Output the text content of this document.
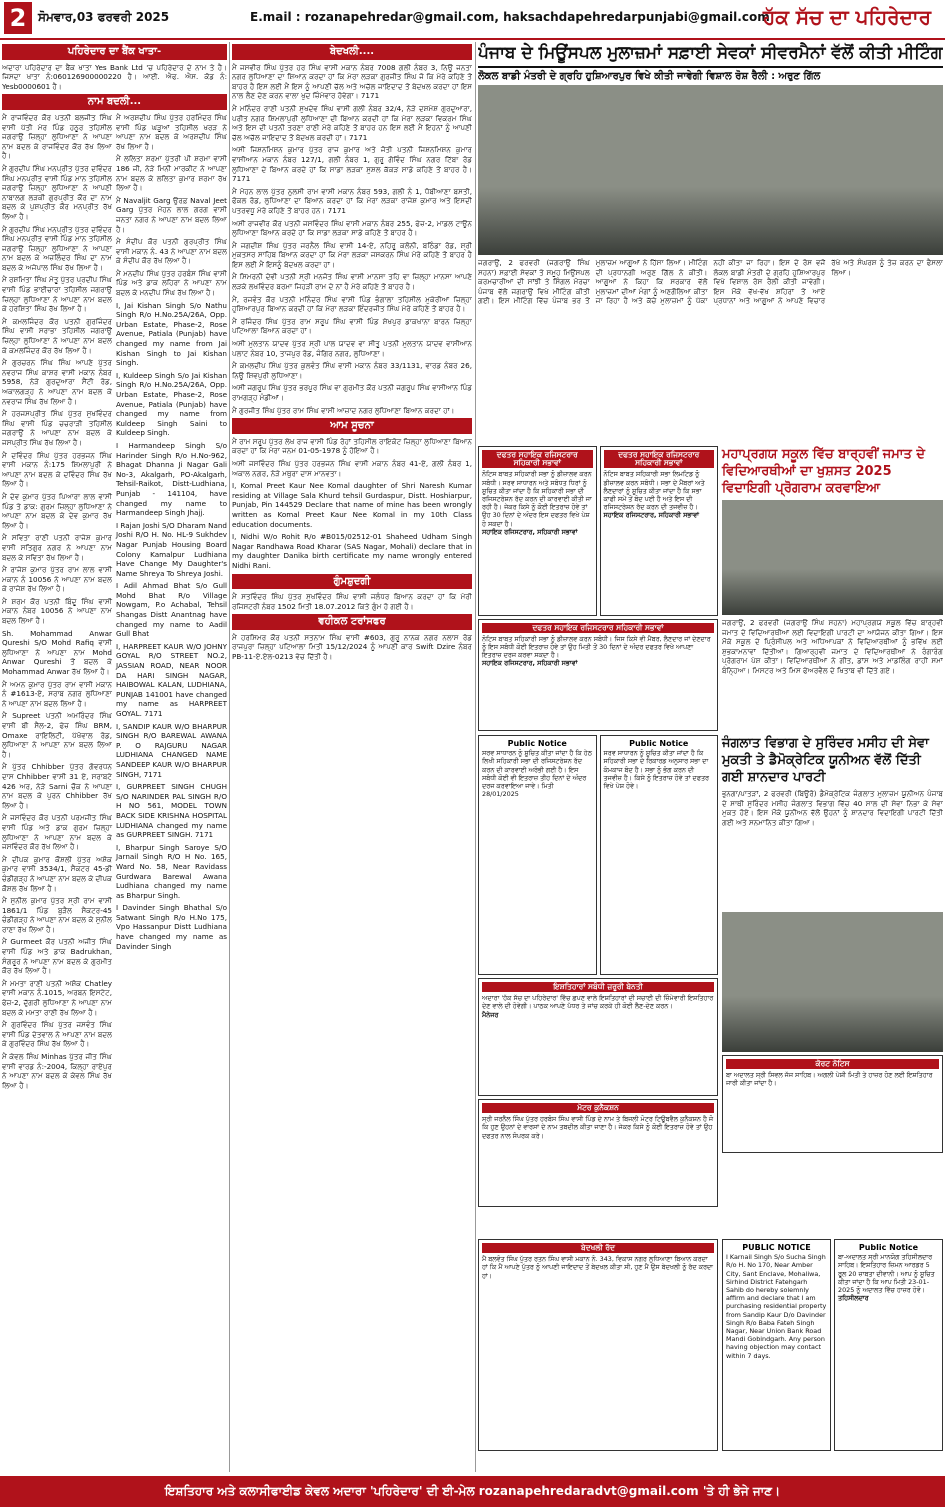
2 ਸੋਮਵਾਰ,03 ਫਰਵਰੀ 2025	E.mail : rozanapehredar@gmail.com, haksachdapehredarpunjabi@gmail.com
ਹੱਕ ਸੱਚ ਦਾ ਪਹਿਰੇਦਾਰ
ਪਹਿਰੇਦਾਰ ਦਾ ਬੈਂਕ ਖਾਤਾ-
ਅਦਾਰਾ ਪਹਿਰੇਦਾਰ ਦਾ ਬੈਂਕ ਖਾਤਾ Yes Bank Ltd 'ਚ ਪਹਿਰੇਦਾਰ ਦੇ ਨਾਮ ਤੇ ਹੈ। ਜਿਸਦਾ ਖਾਤਾ ਨੰ:060126900000220 ਹੈ। ਆਈ. ਐਫ. ਐਸ. ਕੋਡ ਨੰ: Yesb0000601 ਹੈ।
ਨਾਮ ਬਦਲੀ...
ਮੈਂ ਰਾਜਵਿੰਦਰ ਕੌਰ ਪਤਨੀ ਬਲਜੀਤ ਸਿੰਘ ਵਾਸੀ ਪੱਤੀ ਮੇਰ ਪਿੰਡ ਹਠੂਰ ਤਹਿਸੀਲ ਜਗਰਾਉਂ ਜ਼ਿਲ੍ਹਾ ਲੁਧਿਆਣਾ ਨੇ ਆਪਣਾ ਨਾਮ ਬਦਲ ਕੇ ਰਾਜਵਿੰਦਰ ਕੌਰ ਰੱਖ ਲਿਆ ਹੈ।
ਮੈਂ ਗੁਰਦੀਪ ਸਿੰਘ ਮਨਪ੍ਰੀਤ ਪੁੱਤਰ ਦਵਿੰਦਰ ਸਿੰਘ ਮਨਪ੍ਰੀਤ ਵਾਸੀ ਪਿੰਡ ਮਾਨ ਤਹਿਸੀਲ ਜਗਰਾਉਂ ਜ਼ਿਲ੍ਹਾ ਲੁਧਿਆਣਾ ਨੇ ਆਪਣੀ ਨਾਬਾਲਗ ਲੜਕੀ ਗੁਰਪ੍ਰੀਤ ਕੌਰ ਦਾ ਨਾਮ ਬਦਲ ਕੇ ਪੁਸ਼ਪ੍ਰੀਤ ਕੌਰ ਮਨਪ੍ਰੀਤ ਰੱਖ ਲਿਆ ਹੈ।
ਮੈਂ ਗੁਰਦੀਪ ਸਿੰਘ ਮਨਪ੍ਰੀਤ ਪੁੱਤਰ ਦਵਿੰਦਰ ਸਿੰਘ ਮਨਪ੍ਰੀਤ ਵਾਸੀ ਪਿੰਡ ਮਾਨ ਤਹਿਸੀਲ ਜਗਰਾਉਂ ਜ਼ਿਲ੍ਹਾ ਲੁਧਿਆਣਾ ਨੇ ਆਪਣਾ ਨਾਮ ਬਦਲ ਕੇ ਅਜ਼ਲਿੰਦਰ ਸਿੰਘ ਦਾ ਨਾਮ ਬਦਲ ਕੇ ਅਜੇਪਾਲ ਸਿੰਘ ਰੱਖ ਲਿਆ ਹੈ।
ਮੈਂ ਰਸ਼ਮਿਤਾ ਸਿੰਘ ਮੋਤੂ ਪੁੱਤਰ ਪ੍ਰਦੀਪ ਸਿੰਘ ਵਾਸੀ ਪਿੰਡ ਭਾਈਚਾਰਾ ਤਹਿਸੀਲ ਜਗਰਾਉਂ ਜ਼ਿਲ੍ਹਾ ਲੁਧਿਆਣਾ ਨੇ ਆਪਣਾ ਨਾਮ ਬਦਲ ਕੇ ਹਰਸ਼ਿਤਾ ਸਿੰਘ ਰੱਖ ਲਿਆ ਹੈ।
ਮੈਂ ਕਮਲਜਿੰਦਰ ਕੌਰ ਪਤਨੀ ਗੁਰਜਿੰਦਰ ਸਿੰਘ ਵਾਸੀ ਸਰਾਭਾ ਤਹਿਸੀਲ ਜਗਰਾਉਂ ਜ਼ਿਲ੍ਹਾ ਲੁਧਿਆਣਾ ਨੇ ਆਪਣਾ ਨਾਮ ਬਦਲ ਕੇ ਕਮਲਜਿੰਦਰ ਕੌਰ ਰੱਖ ਲਿਆ ਹੈ।
ਮੈਂ ਗੁਰਚਰਨ ਸਿੰਘ ਸਿੰਘ ਆਪਣੇ ਪੁੱਤਰ ਨਵਰਾਜ ਸਿੰਘ ਕਾਸ਼ਰ ਵਾਸੀ ਮਕਾਨ ਨੰਬਰ 5958, ਨੇੜੇ ਗੁਰਦੁਆਰਾ ਸੈਂਟੀ ਰੋਡ, ਅਕਾਲਗੜ੍ਹ ਨੇ ਆਪਣਾ ਨਾਮ ਬਦਲ ਕੇ ਨਵਰਾਜ ਸਿੰਘ ਰੱਖ ਲਿਆ ਹੈ।
ਮੈਂ ਹਰਜਸਪ੍ਰੀਤ ਸਿੰਘ ਪੁੱਤਰ ਸੁਖਵਿੰਦਰ ਸਿੰਘ ਵਾਸੀ ਪਿੰਡ ਚਚਰਾੜੀ ਤਹਿਸੀਲ ਜਗਰਾਉਂ ਨੇ ਆਪਣਾ ਨਾਮ ਬਦਲ ਕੇ ਜਸਪ੍ਰੀਤ ਸਿੰਘ ਰੱਖ ਲਿਆ ਹੈ।
ਮੈਂ ਦਵਿੰਦਰ ਸਿੰਘ ਪੁੱਤਰ ਹਰਭਜਨ ਸਿੰਘ ਵਾਸੀ ਮਕਾਨ ਨੰ:175 ਸ਼ਿਮਲਾਪੁਰੀ ਨੇ ਆਪਣਾ ਨਾਮ ਬਦਲ ਕੇ ਦਵਿੰਦਰ ਸਿੰਘ ਰੱਖ ਲਿਆ ਹੈ।
ਮੈਂ ਦੇਵ ਕੁਮਾਰ ਪੁੱਤਰ ਪਿਆਰਾ ਲਾਲ ਵਾਸੀ ਪਿੰਡ ਤੇ ਡਾਕ: ਗੁਰਮ ਜ਼ਿਲ੍ਹਾ ਲੁਧਿਆਣਾ ਨੇ ਆਪਣਾ ਨਾਮ ਬਦਲ ਕੇ ਦੇਵ ਕੁਮਾਰ ਰੱਖ ਲਿਆ ਹੈ।
ਮੈਂ ਸਵਿਤਾ ਰਾਣੀ ਪਤਨੀ ਰਾਜੇਸ਼ ਕੁਮਾਰ ਵਾਸੀ ਸਤਿਗੁਰ ਨਗਰ ਨੇ ਆਪਣਾ ਨਾਮ ਬਦਲ ਕੇ ਸਵਿਤਾ ਰੱਖ ਲਿਆ ਹੈ।
ਮੈਂ ਰਾਜੇਸ਼ ਕੁਮਾਰ ਪੁੱਤਰ ਰਾਮ ਲਾਲ ਵਾਸੀ ਮਕਾਨ ਨੰ 10056 ਨੇ ਆਪਣਾ ਨਾਮ ਬਦਲ ਕੇ ਰਾਜੇਸ਼ ਰੱਖ ਲਿਆ ਹੈ।
ਮੈਂ ਸ਼ਰਮ ਕੌਰ ਪਤਨੀ ਬਿੰਦੂ ਸਿੰਘ ਵਾਸੀ ਮਕਾਨ ਨੰਬਰ 10056 ਨੇ ਆਪਣਾ ਨਾਮ ਬਦਲ ਲਿਆ ਹੈ।
Sh. Mohammad Anwar Qureshi S/O Mohd Rafiq ਵਾਸੀ ਲੁਧਿਆਣਾ ਨੇ ਆਪਣਾ ਨਾਮ Mohd Anwar Qureshi ਤੋਂ ਬਦਲ ਕੇ Mohammad Anwar ਰੱਖ ਲਿਆ ਹੈ।
ਮੈਂ ਅਮਨ ਕੁਮਾਰ ਪੁੱਤਰ ਰਾਮ ਵਾਸੀ ਮਕਾਨ ਨੰ #1613-ਏ, ਸਰਾਬ ਨਗਰ ਲੁਧਿਆਣਾ ਨੇ ਆਪਣਾ ਨਾਮ ਬਦਲ ਲਿਆ ਹੈ।
ਮੈਂ Supreet ਪਤਨੀ ਅਮਰਿੰਦਰ ਸਿੰਘ ਵਾਸੀ ਬੀ ਸੈਲ-2, ਫੇਜ਼ ਸਿੰਘ BRM, Omaxe ਰਾਇਲਿਟੀ, ਪੱਖੋਵਾਲ ਰੋਡ, ਲੁਧਿਆਣਾ ਨੇ ਆਪਣਾ ਨਾਮ ਬਦਲ ਲਿਆ ਹੈ।
ਮੈਂ ਪੁੱਤਰ Chhibber ਪੁੱਤਰ ਗੋਵਰਧਨ ਦਾਸ Chhibber ਵਾਸੀ 31 ਏ, ਸਰਾਬਟੇ 426 ਅਰ, ਨੇੜੇ Sarni ਚੌਕ ਨੇ ਆਪਣਾ ਨਾਮ ਬਦਲ ਕੇ ਪੁਰਨ Chhibber ਰੱਖ ਲਿਆ ਹੈ।
ਮੈਂ ਜਸਵਿੰਦਰ ਕੌਰ ਪਤਨੀ ਪਰਮਜੀਤ ਸਿੰਘ ਵਾਸੀ ਪਿੰਡ ਅਤੇ ਡਾਕ ਗੁਰਮ ਜ਼ਿਲ੍ਹਾ ਲੁਧਿਆਣਾ ਨੇ ਆਪਣਾ ਨਾਮ ਬਦਲ ਕੇ ਜਸਵਿੰਦਰ ਕੌਰ ਰੱਖ ਲਿਆ ਹੈ।
ਮੈਂ ਦੀਪਕ ਕੁਮਾਰ ਕੌਸ਼ਲੀ ਪੁੱਤਰ ਅਸ਼ੋਕ ਕੁਮਾਰ ਵਾਸੀ 3534/1, ਸੈਕਟਰ 45-ਡੀ ਚੰਡੀਗੜ੍ਹ ਨੇ ਆਪਣਾ ਨਾਮ ਬਦਲ ਕੇ ਦੀਪਕ ਕੌਸ਼ਲ ਰੱਖ ਲਿਆ ਹੈ।
ਮੈਂ ਸੁਨੀਲ ਕੁਮਾਰ ਪੁੱਤਰ ਸ੍ਰੀ ਰਾਮ ਵਾਸੀ 1861/1 ਪਿੰਡ ਬੁੜੈਲ ਸੈਕਟਰ-45 ਚੰਡੀਗੜ੍ਹ ਨੇ ਆਪਣਾ ਨਾਮ ਬਦਲ ਕੇ ਸੁਨੀਲ ਰਾਣਾ ਰੱਖ ਲਿਆ ਹੈ।
ਮੈਂ Gurmeet ਕੌਰ ਪਤਨੀ ਅਜੀਤ ਸਿੰਘ ਵਾਸੀ ਪਿੰਡ ਅਤੇ ਡਾਕ Badrukhan, ਸੰਗਰੂਰ ਨੇ ਆਪਣਾ ਨਾਮ ਬਦਲ ਕੇ ਗੁਰਮੀਤ ਕੌਰ ਰੱਖ ਲਿਆ ਹੈ।
ਮੈਂ ਮਮਤਾ ਰਾਣੀ ਪਤਨੀ ਅਸ਼ੋਕ Chatley ਵਾਸੀ ਮਕਾਨ ਨੰ.1015, ਅਰਬਨ ਇਸਟੇਟ, ਫੇਜ਼-2, ਦੁੱਗਰੀ ਲੁਧਿਆਣਾ ਨੇ ਆਪਣਾ ਨਾਮ ਬਦਲ ਕੇ ਮਮਤਾ ਰਾਣੀ ਰੱਖ ਲਿਆ ਹੈ।
ਮੈਂ ਗੁਰਵਿੰਦਰ ਸਿੰਘ ਪੁੱਤਰ ਜਸਵੰਤ ਸਿੰਘ ਵਾਸੀ ਪਿੰਡ ਦੇਤਵਾਲ ਨੇ ਆਪਣਾ ਨਾਮ ਬਦਲ ਕੇ ਗੁਰਵਿੰਦਰ ਸਿੰਘ ਰੱਖ ਲਿਆ ਹੈ।
ਮੈਂ ਕੇਵਲ ਸਿੰਘ Minhas ਪੁੱਤਰ ਜੀਤ ਸਿੰਘ ਵਾਸੀ ਵਾਰਡ ਨੰ:-2004, ਕਿਲ੍ਹਾ ਰਾਏਪੁਰ ਨੇ ਆਪਣਾ ਨਾਮ ਬਦਲ ਕੇ ਕੇਵਲ ਸਿੰਘ ਰੱਖ ਲਿਆ ਹੈ।
ਮੈਂ ਅਰਸ਼ਦੀਪ ਸਿੰਘ ਪੁੱਤਰ ਹਰਮਿੰਦਰ ਸਿੰਘ ਵਾਸੀ ਪਿੰਡ ਘੜੂਆਂ ਤਹਿਸੀਲ ਖਰੜ ਨੇ ਆਪਣਾ ਨਾਮ ਬਦਲ ਕੇ ਅਰਸ਼ਦੀਪ ਸਿੰਘ ਰੱਖ ਲਿਆ ਹੈ।
ਮੈਂ ਲਲਿਤਾ ਸ਼ਰਮਾ ਪੁੱਤਰੀ ਪੀ ਸ਼ਰਮਾ ਵਾਸੀ 186 ਜੀ, ਨੇੜੇ ਮਿਨੀ ਮਾਰਕੀਟ ਨੇ ਆਪਣਾ ਨਾਮ ਬਦਲ ਕੇ ਲਲਿਤਾ ਕੁਮਾਰ ਸ਼ਰਮਾ ਰੱਖ ਲਿਆ ਹੈ।
ਮੈਂ Navaljit Garg ਉਰਫ਼ Naval Jeet Garg ਪੁੱਤਰ ਮੋਹਨ ਲਾਲ ਗਰਗ ਵਾਸੀ ਜਨਤਾ ਨਗਰ ਨੇ ਆਪਣਾ ਨਾਮ ਬਦਲ ਲਿਆ ਹੈ।
ਮੈਂ ਸੰਦੀਪ ਕੌਰ ਪਤਨੀ ਗੁਰਪ੍ਰੀਤ ਸਿੰਘ ਵਾਸੀ ਮਕਾਨ ਨੰ. 43 ਨੇ ਆਪਣਾ ਨਾਮ ਬਦਲ ਕੇ ਸੰਦੀਪ ਕੌਰ ਰੱਖ ਲਿਆ ਹੈ।
ਮੈਂ ਮਨਦੀਪ ਸਿੰਘ ਪੁੱਤਰ ਹਰਬੰਸ ਸਿੰਘ ਵਾਸੀ ਪਿੰਡ ਅਤੇ ਡਾਕ ਲਹਿਰਾ ਨੇ ਆਪਣਾ ਨਾਮ ਬਦਲ ਕੇ ਮਨਦੀਪ ਸਿੰਘ ਰੱਖ ਲਿਆ ਹੈ।
I, Jai Kishan Singh S/o Nathu Singh R/o H.No.25A/26A, Opp. Urban Estate, Phase-2, Rose Avenue, Patiala (Punjab) have changed my name from Jai Kishan Singh to Jai Kishan Singh.
I, Kuldeep Singh S/o Jai Kishan Singh R/o H.No.25A/26A, Opp. Urban Estate, Phase-2, Rose Avenue, Patiala (Punjab) have changed my name from Kuldeep Singh Saini to Kuldeep Singh.
I Harmandeep Singh S/o Harinder Singh R/o H.No-962, Bhagat Dhanna Ji Nagar Gali No-3, Akalgarh, PO-Akalgarh, Tehsil-Raikot, Distt-Ludhiana, Punjab - 141104, have changed my name to Harmandeep Singh Jhajj.
I Rajan Joshi S/O Dharam Nand Joshi R/O H. No. HL-9 Sukhdev Nagar Punjab Housing Board Colony Kamalpur Ludhiana Have Change My Daughter's Name Shreya To Shreya Joshi.
I Adil Ahmad Bhat S/o Gull Mohd Bhat R/o Village Nowgam, P.o Achabal, Tehsil Shangas Distt Anantnag have changed my name to Aadil Gull Bhat
I, HARPREET KAUR W/O JOHNY GOYAL R/O STREET NO.2, JASSIAN ROAD, NEAR NOOR DA HARI SINGH NAGAR, HAIBOWAL KALAN, LUDHIANA, PUNJAB 141001 have changed my name as HARPREET GOYAL. 7171
I, SANDIP KAUR W/O BHARPUR SINGH R/O BAREWAL AWANA P. O RAJGURU NAGAR LUDHIANA CHANGED NAME SANDEEP KAUR W/O BHARPUR SINGH, 7171
I, GURPREET SINGH CHUGH S/O NARINDER PAL SINGH R/O H NO 561, MODEL TOWN BACK SIDE KRISHNA HOSPITAL LUDHIANA changed my name as GURPREET SINGH. 7171
I, Bharpur Singh Saroye S/O Jarnail Singh R/O H No. 165, Ward No. 58, Near Ravidass Gurdwara Barewal Awana Ludhiana changed my name as Bharpur Singh.
I Davinder Singh Bhathal S/o Satwant Singh R/o H.No 175, Vpo Hassanpur Distt Ludhiana have changed my name as Davinder Singh
ਬੇਦਖਲੀ....
ਮੈਂ ਜਸਵੀਰ ਸਿੰਘ ਪੁੱਤਰ ਹਰ ਸਿੰਘ ਵਾਸੀ ਮਕਾਨ ਨੰਬਰ 7008 ਗਲੀ ਨੰਬਰ 3, ਨਿਊ ਜਨਤਾ ਨਗਰ ਲੁਧਿਆਣਾ ਦਾ ਸ਼ਿਆਨ ਕਰਦਾ ਹਾਂ ਕਿ ਮੇਰਾ ਲੜਕਾ ਗੁਰਜੀਤ ਸਿੰਘ ਜੋ ਕਿ ਮੇਰੇ ਕਹਿਣੇ ਤੋਂ ਬਾਹਰ ਹੈ ਇਸ ਲਈ ਮੈਂ ਇਸ ਨੂੰ ਆਪਣੀ ਚੱਲ ਅਤੇ ਅਚੱਲ ਜਾਇਦਾਦ ਤੋਂ ਬੇਦਖਲ ਕਰਦਾ ਹਾਂ ਇਸ ਨਾਲ ਲੈਣ ਦੇਣ ਕਰਨ ਵਾਲਾ ਖੁਦ ਜ਼ਿੰਮੇਵਾਰ ਹੋਵੇਗਾ। 7171
ਮੈਂ ਮਨਿੰਦਰ ਰਾਣੀ ਪਤਨੀ ਸੁਖਦੇਵ ਸਿੰਘ ਵਾਸੀ ਗਲੀ ਨੰਬਰ 32/4, ਨੇੜੇ ਦਸ਼ਮੇਸ਼ ਗੁਰਦੁਆਰਾ, ਪਰੀਤ ਨਗਰ ਸ਼ਿਮਲਾਪੁਰੀ ਲੁਧਿਆਣਾ ਦੀ ਬਿਆਨ ਕਰਦੀ ਹਾਂ ਕਿ ਮੇਰਾ ਲੜਕਾ ਵਿਕਰਮ ਸਿੰਘ ਅਤੇ ਇਸ ਦੀ ਪਤਨੀ ਤਰਣਾ ਰਾਣੀ ਮੇਰੇ ਕਹਿਣੇ ਤੋਂ ਬਾਹਰ ਹਨ ਇਸ ਲਈ ਮੈਂ ਇਹਨਾਂ ਨੂੰ ਆਪਣੀ ਚੱਲ ਅਚੱਲ ਜਾਇਦਾਦ ਤੋਂ ਬੇਦਖਲ ਕਰਦੀ ਹਾਂ। 7171
ਅਸੀਂ ਜਿਸ਼ਨਮਿਸ਼ਨ ਕੁਮਾਰ ਪੁੱਤਰ ਰਾਜ ਕੁਮਾਰ ਅਤੇ ਜੋਤੀ ਪਤਨੀ ਜਿਸ਼ਨਮਿਸ਼ਨ ਕੁਮਾਰ ਵਾਸੀਆਨ ਮਕਾਨ ਨੰਬਰ 127/1, ਗਲੀ ਨੰਬਰ 1, ਗੁਰੂ ਗੋਵਿੰਦ ਸਿੰਘ ਨਗਰ ਟਿੱਬਾ ਰੋਡ ਲੁਧਿਆਣਾ ਦੇ ਬਿਆਨ ਕਰਦੇ ਹਾਂ ਕਿ ਸਾਡਾ ਲੜਕਾ ਸੁਸ਼ਲ ਕੱਕੜ ਸਾਡੇ ਕਹਿਣੇ ਤੋਂ ਬਾਹਰ ਹੈ। 7171
ਮੈਂ ਮੋਹਨ ਲਾਲ ਪੁੱਤਰ ਨੁਲਸੀ ਰਾਮ ਵਾਸੀ ਮਕਾਨ ਨੰਬਰ 593, ਗਲੀ ਨੰ 1, ਧੋਬੀਆਣਾ ਬਸਤੀ, ਫੋਕਲ ਰੋਡ, ਲੁਧਿਆਣਾ ਦਾ ਬਿਆਨ ਕਰਦਾ ਹਾਂ ਕਿ ਮੇਰਾ ਲੜਕਾ ਰਾਜੇਸ਼ ਕੁਮਾਰ ਅਤੇ ਇਸਦੀ ਪਤਰਵਧੂ ਮੇਰੇ ਕਹਿਣੇ ਤੋਂ ਬਾਹਰ ਹਨ। 7171
ਅਸੀਂ ਰਾਜਵੀਰ ਕੌਰ ਪਤਨੀ ਜਸਵਿੰਦਰ ਸਿੰਘ ਵਾਸੀ ਮਕਾਨ ਨੰਬਰ 255, ਫੇਜ਼-2, ਮਾਡਲ ਟਾਊਨ ਲੁਧਿਆਣਾ ਬਿਆਨ ਕਰਦੇ ਹਾਂ ਕਿ ਸਾਡਾ ਲੜਕਾ ਸਾਡੇ ਕਹਿਣੇ ਤੋਂ ਬਾਹਰ ਹੈ।
ਮੈਂ ਜਗਦੀਸ਼ ਸਿੰਘ ਪੁੱਤਰ ਜਰਨੈਲ ਸਿੰਘ ਵਾਸੀ 14-ਏ, ਨਹਿਰੂ ਕਲੋਨੀ, ਬਠਿੰਡਾ ਰੋਡ, ਸ਼੍ਰੀ ਮੁਕਤਸਰ ਸਾਹਿਬ ਬਿਆਨ ਕਰਦਾ ਹਾਂ ਕਿ ਮੇਰਾ ਲੜਕਾ ਜਸਕਰਨ ਸਿੰਘ ਮੇਰੇ ਕਹਿਣੇ ਤੋਂ ਬਾਹਰ ਹੈ ਇਸ ਲਈ ਮੈਂ ਇਸਨੂੰ ਬੇਦਖਲ ਕਰਦਾ ਹਾਂ।
ਮੈਂ ਸਿਮਰਨੀ ਦੇਵੀ ਪਤਨੀ ਸ੍ਰੀ ਮਨਜੋਤ ਸਿੰਘ ਵਾਸੀ ਮਾਨਸਾ ਤਹਿ ਵਾ ਜ਼ਿਲ੍ਹਾ ਮਾਨਸਾ ਆਪਣੇ ਲੜਕੇ ਲਖਵਿੰਦਰ ਬਰਮਾ ਜਿਹੜੀ ਰਾਮ ਦੇ ਨਾਂ ਹੈ ਮੇਰੇ ਕਹਿਣੇ ਤੋਂ ਬਾਹਰ ਹੈ।
ਮੈਂ, ਰਜਵੰਤ ਕੌਰ ਪਤਨੀ ਮਨਿੰਦਰ ਸਿੰਘ ਵਾਸੀ ਪਿੰਡ ਭੰਗਾਲਾ ਤਹਿਸੀਲ ਮੁਕੇਰੀਆਂ ਜ਼ਿਲ੍ਹਾ ਹੁਸ਼ਿਆਰਪੁਰ ਬਿਆਨ ਕਰਦੀ ਹਾਂ ਕਿ ਮੇਰਾ ਲੜਕਾ ਇੰਦਰਜੀਤ ਸਿੰਘ ਮੇਰੇ ਕਹਿਣੇ ਤੋਂ ਬਾਹਰ ਹੈ।
ਮੈਂ ਰਜਿੰਦਰ ਸਿੰਘ ਪੁੱਤਰ ਰਾਮ ਸਰੂਪ ਸਿੰਘ ਵਾਸੀ ਪਿੰਡ ਸ਼ੇਖਪੁਰ ਡਾਕਖਾਨਾ ਬਾਰਨ ਜ਼ਿਲ੍ਹਾ ਪਟਿਆਲਾ ਬਿਆਨ ਕਰਦਾ ਹਾਂ।
ਅਸੀਂ ਮੁਲਤਾਨ ਯਾਦਵ ਪੁੱਤਰ ਸ੍ਰੀ ਪਾਲ ਯਾਦਵ ਵਾ ਸੀਤੂ ਪਤਨੀ ਮੁਲਤਾਨ ਯਾਦਵ ਵਾਸੀਆਨ ਪਲਾਟ ਨੰਬਰ 10, ਤਾਜਪੁਰ ਰੋਡ, ਜੰਗਿਰ ਨਗਰ, ਲੁਧਿਆਣਾ।
ਮੈਂ ਕਮਲਦੀਪ ਸਿੰਘ ਪੁੱਤਰ ਕੁਲਵੰਤ ਸਿੰਘ ਵਾਸੀ ਮਕਾਨ ਨੰਬਰ 33/1131, ਵਾਰਡ ਨੰਬਰ 26, ਨਿਊ ਸ਼ਿਵਪੁਰੀ ਲੁਧਿਆਣਾ।
ਅਸੀਂ ਜਗਰੂਪ ਸਿੰਘ ਪੁੱਤਰ ਭਰਪੂਰ ਸਿੰਘ ਵਾ ਗੁਰਮੀਤ ਕੌਰ ਪਤਨੀ ਜਗਰੂਪ ਸਿੰਘ ਵਾਸੀਆਨ ਪਿੰਡ ਰਾਮਗੜ੍ਹ ਮੰਡੀਆਂ।
ਮੈਂ ਗੁਰਜੀਤ ਸਿੰਘ ਪੁੱਤਰ ਰਾਮ ਸਿੰਘ ਵਾਸੀ ਆਜ਼ਾਦ ਨਗਰ ਲੁਧਿਆਣਾ ਬਿਆਨ ਕਰਦਾ ਹਾਂ।
ਆਮ ਸੂਚਨਾ
ਮੈਂ ਰਾਮ ਸਰੂਪ ਪੁੱਤਰ ਲੇਖ ਰਾਜ ਵਾਸੀ ਪਿੰਡ ਰੋਹਾਂ ਤਹਿਸੀਲ ਰਾਇਕੋਟ ਜ਼ਿਲ੍ਹਾ ਲੁਧਿਆਣਾ ਬਿਆਨ ਕਰਦਾ ਹਾਂ ਕਿ ਮੇਰਾ ਜਨਮ 01-05-1978 ਨੂੰ ਹੋਇਆ ਹੈ।
ਅਸੀਂ ਜਸਵਿੰਦਰ ਸਿੰਘ ਪੁੱਤਰ ਹਰਭਜਨ ਸਿੰਘ ਵਾਸੀ ਮਕਾਨ ਨੰਬਰ 41-ਏ, ਗਲੀ ਨੰਬਰ 1, ਅਕਾਲ ਨਗਰ, ਨੇੜੇ ਮਥੁਰਾ ਦਾਸ ਮਾਨਵਤਾ।
I, Komal Preet Kaur Nee Komal daughter of Shri Naresh Kumar residing at Village Sala Khurd tehsil Gurdaspur, Distt. Hoshiarpur, Punjab, Pin 144529 Declare that name of mine has been wrongly written as Komal Preet Kaur Nee Komal in my 10th Class education documents.
I, Nidhi W/o Rohit R/o #B015/02512-01 Shaheed Udham Singh Nagar Randhawa Road Kharar (SAS Nagar, Mohali) declare that in my daughter Danika birth certificate my name wrongly entered Nidhi Rani.
ਗੁੰਮਸ਼ੁਦਗੀ
ਮੈਂ ਸਤਵਿੰਦਰ ਸਿੰਘ ਪੁੱਤਰ ਸੁਖਵਿੰਦਰ ਸਿੰਘ ਵਾਸੀ ਜਲੰਧਰ ਬਿਆਨ ਕਰਦਾ ਹਾਂ ਕਿ ਮੇਰੀ ਰਜਿਸਟਰੀ ਨੰਬਰ 1502 ਮਿਤੀ 18.07.2012 ਕਿਤੇ ਗੁੰਮ ਹੋ ਗਈ ਹੈ।
ਵਹੀਕਲ ਟਰਾਂਸਫਰ
ਮੈਂ ਹਰਸਿਮਰ ਕੌਰ ਪਤਨੀ ਸਤਨਾਮ ਸਿੰਘ ਵਾਸੀ #603, ਗੁਰੂ ਨਾਨਕ ਨਗਰ ਨਲਾਸ ਰੋਡ ਰਾਜਪੁਰਾ ਜ਼ਿਲ੍ਹਾ ਪਟਿਆਲਾ ਮਿਤੀ 15/12/2024 ਨੂੰ ਆਪਣੀ ਕਾਰ Swift Dzire ਨੰਬਰ PB-11-ਏ.ਏਲ-0213 ਵੇਚ ਦਿੱਤੀ ਹੈ।
ਪੰਜਾਬ ਦੇ ਮਿਊਂਸਪਲ ਮੁਲਾਜ਼ਮਾਂ ਸਫ਼ਾਈ ਸੇਵਕਾਂ ਸੀਵਰਮੈਨਾਂ ਵੱਲੋਂ ਕੀਤੀ ਮੀਟਿੰਗ
ਲੋਕਲ ਬਾਡੀ ਮੰਤਰੀ ਦੇ ਗ੍ਰਹਿ ਹੁਸ਼ਿਆਰਪੁਰ ਵਿਖੇ ਕੀਤੀ ਜਾਵੇਗੀ ਵਿਸ਼ਾਲ ਰੋਸ਼ ਰੈਲੀ : ਅਰੁਣ ਗਿੱਲ
ਜਗਰਾਉਂ, 2 ਫਰਵਰੀ (ਜਗਰਾਉਂ ਸਿੰਘ ਸਹਨਾ) ਸਫ਼ਾਈ ਸੇਵਕਾਂ ਤੇ ਸਮੂਹ ਮਿਉਂਸਪਲ ਕਰਮਚਾਰੀਆਂ ਦੀ ਸਾਂਝੀ ਤੇ ਸਿੰਗਲ ਮੋਰਚਾ ਪੰਜਾਬ ਵੱਲੋਂ ਜਗਰਾਉਂ ਵਿਖੇ ਮੀਟਿੰਗ ਕੀਤੀ ਗਈ। ਇਸ ਮੀਟਿੰਗ ਵਿੱਚ ਪੰਜਾਬ ਭਰ ਤੋਂ ਮੁਲਾਜ਼ਮ ਆਗੂਆਂ ਨੇ ਹਿੱਸਾ ਲਿਆ। ਮੀਟਿੰਗ ਦੀ ਪ੍ਰਧਾਨਗੀ ਅਰੁਣ ਗਿੱਲ ਨੇ ਕੀਤੀ। ਆਗੂਆਂ ਨੇ ਕਿਹਾ ਕਿ ਸਰਕਾਰ ਵੱਲੋਂ ਮੁਲਾਜ਼ਮਾਂ ਦੀਆਂ ਮੰਗਾਂ ਨੂੰ ਅਣਗੌਲਿਆ ਕੀਤਾ ਜਾ ਰਿਹਾ ਹੈ ਅਤੇ ਕੱਚੇ ਮੁਲਾਜ਼ਮਾਂ ਨੂੰ ਪੱਕਾ ਨਹੀਂ ਕੀਤਾ ਜਾ ਰਿਹਾ। ਇਸ ਦੇ ਰੋਸ ਵਜੋਂ ਲੋਕਲ ਬਾਡੀ ਮੰਤਰੀ ਦੇ ਗ੍ਰਹਿ ਹੁਸ਼ਿਆਰਪੁਰ ਵਿਖੇ ਵਿਸ਼ਾਲ ਰੋਸ ਰੈਲੀ ਕੀਤੀ ਜਾਵੇਗੀ। ਇਸ ਮੌਕੇ ਵੱਖ-ਵੱਖ ਸ਼ਹਿਰਾਂ ਤੋਂ ਆਏ ਪ੍ਰਧਾਨਾਂ ਅਤੇ ਆਗੂਆਂ ਨੇ ਆਪਣੇ ਵਿਚਾਰ ਰੱਖੇ ਅਤੇ ਸੰਘਰਸ਼ ਨੂੰ ਤੇਜ਼ ਕਰਨ ਦਾ ਫੈਸਲਾ ਲਿਆ।
ਦਫਤਰ ਸਹਾਇਕ ਰਜਿਸਟਰਾਰ ਸਹਿਕਾਰੀ ਸਭਾਵਾਂ
ਨੋਟਿਸ ਬਾਬਤ ਸਹਿਕਾਰੀ ਸਭਾ ਨੂੰ ਡੀਜ਼ਾਲਵ ਕਰਨ ਸਬੰਧੀ। ਸਰਵ ਸਾਧਾਰਨ ਅਤੇ ਸਬੰਧਤ ਧਿਰਾਂ ਨੂੰ ਸੂਚਿਤ ਕੀਤਾ ਜਾਂਦਾ ਹੈ ਕਿ ਸਹਿਕਾਰੀ ਸਭਾ ਦੀ ਰਜਿਸਟਰੇਸ਼ਨ ਰੱਦ ਕਰਨ ਦੀ ਕਾਰਵਾਈ ਕੀਤੀ ਜਾ ਰਹੀ ਹੈ। ਜੇਕਰ ਕਿਸੇ ਨੂੰ ਕੋਈ ਇਤਰਾਜ਼ ਹੋਵੇ ਤਾਂ ਉਹ 30 ਦਿਨਾਂ ਦੇ ਅੰਦਰ ਇਸ ਦਫਤਰ ਵਿਖੇ ਪੇਸ਼ ਹੋ ਸਕਦਾ ਹੈ।
ਸਹਾਇਕ ਰਜਿਸਟਰਾਰ, ਸਹਿਕਾਰੀ ਸਭਾਵਾਂ
ਦਫਤਰ ਸਹਾਇਕ ਰਜਿਸਟਰਾਰ ਸਹਿਕਾਰੀ ਸਭਾਵਾਂ
ਨੋਟਿਸ ਬਾਬਤ ਸਹਿਕਾਰੀ ਸਭਾ ਲਿਮਟਿਡ ਨੂੰ ਡੀਜ਼ਾਲਵ ਕਰਨ ਸਬੰਧੀ। ਸਭਾ ਦੇ ਮੈਂਬਰਾਂ ਅਤੇ ਲੈਣਦਾਰਾਂ ਨੂੰ ਸੂਚਿਤ ਕੀਤਾ ਜਾਂਦਾ ਹੈ ਕਿ ਸਭਾ ਕਾਫੀ ਸਮੇਂ ਤੋਂ ਬੰਦ ਪਈ ਹੈ ਅਤੇ ਇਸ ਦੀ ਰਜਿਸਟਰੇਸ਼ਨ ਰੱਦ ਕਰਨ ਦੀ ਤਜਵੀਜ਼ ਹੈ।
ਸਹਾਇਕ ਰਜਿਸਟਰਾਰ, ਸਹਿਕਾਰੀ ਸਭਾਵਾਂ
ਦਫਤਰ ਸਹਾਇਕ ਰਜਿਸਟਰਾਰ ਸਹਿਕਾਰੀ ਸਭਾਵਾਂ
ਨੋਟਿਸ ਬਾਬਤ ਸਹਿਕਾਰੀ ਸਭਾ ਨੂੰ ਡੀਜ਼ਾਲਵ ਕਰਨ ਸਬੰਧੀ। ਜਿਸ ਕਿਸੇ ਵੀ ਮੈਂਬਰ, ਲੈਣਦਾਰ ਜਾਂ ਦੇਣਦਾਰ ਨੂੰ ਇਸ ਸਬੰਧੀ ਕੋਈ ਇਤਰਾਜ਼ ਹੋਵੇ ਤਾਂ ਉਹ ਮਿਤੀ ਤੋਂ 30 ਦਿਨਾਂ ਦੇ ਅੰਦਰ ਦਫਤਰ ਵਿਖੇ ਆਪਣਾ ਇਤਰਾਜ਼ ਦਰਜ ਕਰਵਾ ਸਕਦਾ ਹੈ।
ਸਹਾਇਕ ਰਜਿਸਟਰਾਰ, ਸਹਿਕਾਰੀ ਸਭਾਵਾਂ
ਮਹਾਪ੍ਰਗਯ ਸਕੂਲ ਵਿੱਚ ਬਾਰ੍ਹਵੀਂ ਜਮਾਤ ਦੇ ਵਿਦਿਆਰਥੀਆਂ ਦਾ ਖੁਸ਼ਸਤ 2025 ਵਿਦਾਇਗੀ ਪ੍ਰੋਗਰਾਮ ਕਰਵਾਇਆ
ਜਗਰਾਉਂ, 2 ਫਰਵਰੀ (ਜਗਰਾਉਂ ਸਿੰਘ ਸਹਨਾ) ਮਹਾਪ੍ਰਗਯ ਸਕੂਲ ਵਿੱਚ ਬਾਰ੍ਹਵੀਂ ਜਮਾਤ ਦੇ ਵਿਦਿਆਰਥੀਆਂ ਲਈ ਵਿਦਾਇਗੀ ਪਾਰਟੀ ਦਾ ਆਯੋਜਨ ਕੀਤਾ ਗਿਆ। ਇਸ ਮੌਕੇ ਸਕੂਲ ਦੇ ਪ੍ਰਿੰਸੀਪਲ ਅਤੇ ਅਧਿਆਪਕਾਂ ਨੇ ਵਿਦਿਆਰਥੀਆਂ ਨੂੰ ਭਵਿੱਖ ਲਈ ਸ਼ੁਭਕਾਮਨਾਵਾਂ ਦਿੱਤੀਆਂ। ਗਿਆਰ੍ਹਵੀਂ ਜਮਾਤ ਦੇ ਵਿਦਿਆਰਥੀਆਂ ਨੇ ਰੰਗਾਰੰਗ ਪ੍ਰੋਗਰਾਮ ਪੇਸ਼ ਕੀਤਾ। ਵਿਦਿਆਰਥੀਆਂ ਨੇ ਗੀਤ, ਡਾਂਸ ਅਤੇ ਮਾਡਲਿੰਗ ਰਾਹੀਂ ਸਮਾਂ ਬੰਨ੍ਹਿਆ। ਮਿਸਟਰ ਅਤੇ ਮਿਸ ਫੇਅਰਵੈਲ ਦੇ ਖਿਤਾਬ ਵੀ ਦਿੱਤੇ ਗਏ।
Public Notice
ਸਰਵ ਸਾਧਾਰਨ ਨੂੰ ਸੂਚਿਤ ਕੀਤਾ ਜਾਂਦਾ ਹੈ ਕਿ ਹੇਠ ਲਿਖੀ ਸਹਿਕਾਰੀ ਸਭਾ ਦੀ ਰਜਿਸਟਰੇਸ਼ਨ ਰੱਦ ਕਰਨ ਦੀ ਕਾਰਵਾਈ ਅਰੰਭੀ ਗਈ ਹੈ। ਇਸ ਸਬੰਧੀ ਕੋਈ ਵੀ ਇਤਰਾਜ਼ ਤੀਹ ਦਿਨਾਂ ਦੇ ਅੰਦਰ ਦਰਜ ਕਰਵਾਇਆ ਜਾਵੇ। ਮਿਤੀ 28/01/2025
Public Notice
ਸਰਵ ਸਾਧਾਰਨ ਨੂੰ ਸੂਚਿਤ ਕੀਤਾ ਜਾਂਦਾ ਹੈ ਕਿ ਸਹਿਕਾਰੀ ਸਭਾ ਦੇ ਰਿਕਾਰਡ ਅਨੁਸਾਰ ਸਭਾ ਦਾ ਕੰਮਕਾਜ ਬੰਦ ਹੈ। ਸਭਾ ਨੂੰ ਭੰਗ ਕਰਨ ਦੀ ਤਜਵੀਜ਼ ਹੈ। ਕਿਸੇ ਨੂੰ ਇਤਰਾਜ਼ ਹੋਵੇ ਤਾਂ ਦਫਤਰ ਵਿਖੇ ਪੇਸ਼ ਹੋਵੇ।
ਇਸ਼ਤਿਹਾਰਾਂ ਸਬੰਧੀ ਜ਼ਰੂਰੀ ਬੇਨਤੀ
ਅਦਾਰਾ 'ਹੱਕ ਸੱਚ ਦਾ ਪਹਿਰੇਦਾਰ' ਵਿੱਚ ਛਪਣ ਵਾਲੇ ਇਸ਼ਤਿਹਾਰਾਂ ਦੀ ਸਚਾਈ ਦੀ ਜ਼ਿੰਮੇਵਾਰੀ ਇਸ਼ਤਿਹਾਰ ਦੇਣ ਵਾਲੇ ਦੀ ਹੋਵੇਗੀ। ਪਾਠਕ ਆਪਣੇ ਪੱਧਰ ਤੇ ਜਾਂਚ ਕਰਕੇ ਹੀ ਕੋਈ ਲੈਣ-ਦੇਣ ਕਰਨ।
ਮੈਨੇਜਰ
ਮੋਟਰ ਕੁਨੈਕਸ਼ਨ
ਸ੍ਰੀ ਜਰਨੈਲ ਸਿੰਘ ਪੁੱਤਰ ਹਰਬੰਸ ਸਿੰਘ ਵਾਸੀ ਪਿੰਡ ਦੇ ਨਾਮ ਤੇ ਬਿਜਲੀ ਮੋਟਰ ਟਿਊਬਵੈਲ ਕੁਨੈਕਸ਼ਨ ਹੈ ਜੋ ਕਿ ਹੁਣ ਉਹਨਾਂ ਦੇ ਵਾਰਸਾਂ ਦੇ ਨਾਮ ਤਬਦੀਲ ਕੀਤਾ ਜਾਣਾ ਹੈ। ਜੇਕਰ ਕਿਸੇ ਨੂੰ ਕੋਈ ਇਤਰਾਜ਼ ਹੋਵੇ ਤਾਂ ਉਹ ਦਫਤਰ ਨਾਲ ਸੰਪਰਕ ਕਰੇ।
ਜੰਗਲਾਤ ਵਿਭਾਗ ਦੇ ਸੁਰਿੰਦਰ ਮਸੀਹ ਦੀ ਸੇਵਾ ਮੁਕਤੀ ਤੇ ਡੈਮੋਕ੍ਰੇਟਿਕ ਯੂਨੀਅਨ ਵੱਲੋਂ ਦਿੱਤੀ ਗਈ ਸ਼ਾਨਦਾਰ ਪਾਰਟੀ
ਭੁਨਗਾ/ਪਾਤੜਾਂ, 2 ਫਰਵਰੀ (ਬਿਊਰੋ) ਡੈਮੋਕ੍ਰੇਟਿਕ ਜੰਗਲਾਤ ਮੁਲਾਜ਼ਮ ਯੂਨੀਅਨ ਪੰਜਾਬ ਦੇ ਸਾਥੀ ਸੁਰਿੰਦਰ ਮਸੀਹ ਜੰਗਲਾਤ ਵਿਭਾਗ ਵਿੱਚ 40 ਸਾਲ ਦੀ ਸੇਵਾ ਨਿਭਾ ਕੇ ਸੇਵਾ ਮੁਕਤ ਹੋਏ। ਇਸ ਮੌਕੇ ਯੂਨੀਅਨ ਵੱਲੋਂ ਉਹਨਾਂ ਨੂੰ ਸ਼ਾਨਦਾਰ ਵਿਦਾਇਗੀ ਪਾਰਟੀ ਦਿੱਤੀ ਗਈ ਅਤੇ ਸਨਮਾਨਿਤ ਕੀਤਾ ਗਿਆ।
ਕੋਰਟ ਨੋਟਿਸ
ਬਾ ਅਦਾਲਤ ਸ੍ਰੀ ਸਿਵਲ ਜੱਜ ਸਾਹਿਬ। ਅਗਲੀ ਪੇਸ਼ੀ ਮਿਤੀ ਤੇ ਹਾਜ਼ਰ ਹੋਣ ਲਈ ਇਸ਼ਤਿਹਾਰ ਜਾਰੀ ਕੀਤਾ ਜਾਂਦਾ ਹੈ।
ਬੇਦਖਲੀ ਰੱਦ
ਮੈਂ ਬਲਵੰਤ ਸਿੰਘ ਪੁੱਤਰ ਰਤਨ ਸਿੰਘ ਵਾਸੀ ਮਕਾਨ ਨੰ. 343, ਵਿਕਾਸ ਨਗਰ ਲੁਧਿਆਣਾ ਬਿਆਨ ਕਰਦਾ ਹਾਂ ਕਿ ਮੈਂ ਆਪਣੇ ਪੁੱਤਰ ਨੂੰ ਆਪਣੀ ਜਾਇਦਾਦ ਤੋਂ ਬੇਦਖਲ ਕੀਤਾ ਸੀ, ਹੁਣ ਮੈਂ ਉਸ ਬੇਦਖਲੀ ਨੂੰ ਰੱਦ ਕਰਦਾ ਹਾਂ।
PUBLIC NOTICE
I Karnail Singh S/o Sucha Singh R/o H. No 170, Near Amber City, Sant Enclave, Mohaliwa, Sirhind District Fatehgarh Sahib do hereby solemnly affirm and declare that I am purchasing residential property from Sandip Kaur D/o Davinder Singh R/o Baba Fateh Singh Nagar, Near Union Bank Road Mandi Gobindgarh. Any person having objection may contact within 7 days.
Public Notice
ਬਾ-ਅਦਾਲਤ ਸ੍ਰੀ ਮਾਨਯੋਗ ਤਹਿਸੀਲਦਾਰ ਸਾਹਿਬ। ਇਸ਼ਤਿਹਾਰ ਜ਼ਿਮਨ ਆਰਡਰ 5 ਰੂਲ 20 ਜ਼ਾਬਤਾ ਦੀਵਾਨੀ। ਆਪ ਨੂੰ ਸੂਚਿਤ ਕੀਤਾ ਜਾਂਦਾ ਹੈ ਕਿ ਆਪ ਮਿਤੀ 23-01-2025 ਨੂੰ ਅਦਾਲਤ ਵਿੱਚ ਹਾਜ਼ਰ ਹੋਵੋ।
ਤਹਿਸੀਲਦਾਰ
ਇਸ਼ਤਿਹਾਰ ਅਤੇ ਕਲਾਸੀਫਾਈਡ ਕੇਵਲ ਅਦਾਰਾ 'ਪਹਿਰੇਦਾਰ' ਦੀ ਈ-ਮੇਲ rozanapehredaradvt@gmail.com 'ਤੇ ਹੀ ਭੇਜੇ ਜਾਣ।
